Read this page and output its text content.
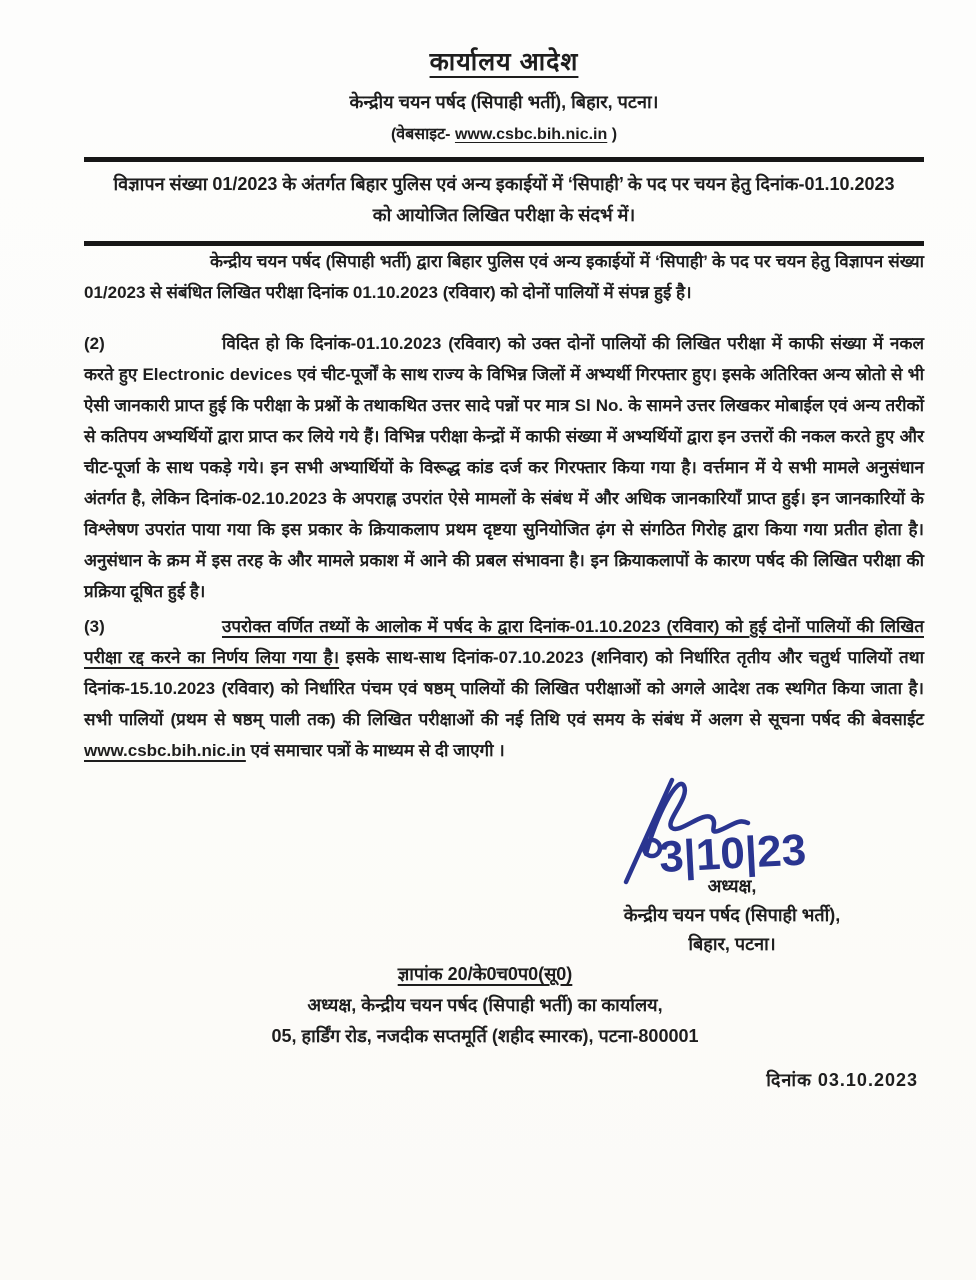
कार्यालय आदेश
केन्द्रीय चयन पर्षद (सिपाही भर्ती), बिहार, पटना।
(वेबसाइट- www.csbc.bih.nic.in )
विज्ञापन संख्या 01/2023 के अंतर्गत बिहार पुलिस एवं अन्य इकाईयों में ‘सिपाही’ के पद पर चयन हेतु दिनांक-01.10.2023 को आयोजित लिखित परीक्षा के संदर्भ में।

केन्द्रीय चयन पर्षद (सिपाही भर्ती) द्वारा बिहार पुलिस एवं अन्य इकाईयों में ‘सिपाही’ के पद पर चयन हेतु विज्ञापन संख्या 01/2023 से संबंधित लिखित परीक्षा दिनांक 01.10.2023 (रविवार) को दोनों पालियों में संपन्न हुई है।

(2)	विदित हो कि दिनांक-01.10.2023 (रविवार) को उक्त दोनों पालियों की लिखित परीक्षा में काफी संख्या में नकल करते हुए Electronic devices एवं चीट-पूर्जों के साथ राज्य के विभिन्न जिलों में अभ्यर्थी गिरफ्तार हुए। इसके अतिरिक्त अन्य स्रोतो से भी ऐसी जानकारी प्राप्त हुई कि परीक्षा के प्रश्नों के तथाकथित उत्तर सादे पन्नों पर मात्र Sl No. के सामने उत्तर लिखकर मोबाईल एवं अन्य तरीकों से कतिपय अभ्यर्थियों द्वारा प्राप्त कर लिये गये हैं। विभिन्न परीक्षा केन्द्रों में काफी संख्या में अभ्यर्थियों द्वारा इन उत्तरों की नकल करते हुए और चीट-पूर्जा के साथ पकड़े गये। इन सभी अभ्यार्थियों के विरूद्ध कांड दर्ज कर गिरफ्तार किया गया है। वर्त्तमान में ये सभी मामले अनुसंधान अंतर्गत है, लेकिन दिनांक-02.10.2023 के अपराह्न उपरांत ऐसे मामलों के संबंध में और अधिक जानकारियाँ प्राप्त हुई। इन जानकारियों के विश्लेषण उपरांत पाया गया कि इस प्रकार के क्रियाकलाप प्रथम दृष्टया सुनियोजित ढ़ंग से संगठित गिरोह द्वारा किया गया प्रतीत होता है। अनुसंधान के क्रम में इस तरह के और मामले प्रकाश में आने की प्रबल संभावना है। इन क्रियाकलापों के कारण पर्षद की लिखित परीक्षा की प्रक्रिया दूषित हुई है।

(3)	उपरोक्त वर्णित तथ्यों के आलोक में पर्षद के द्वारा दिनांक-01.10.2023 (रविवार) को हुई दोनों पालियों की लिखित परीक्षा रद्द करने का निर्णय लिया गया है। इसके साथ-साथ दिनांक-07.10.2023 (शनिवार) को निर्धारित तृतीय और चतुर्थ पालियों तथा दिनांक-15.10.2023 (रविवार) को निर्धारित पंचम एवं षष्ठम् पालियों की लिखित परीक्षाओं को अगले आदेश तक स्थगित किया जाता है। सभी पालियों (प्रथम से षष्ठम् पाली तक) की लिखित परीक्षाओं की नई तिथि एवं समय के संबंध में अलग से सूचना पर्षद की बेवसाईट www.csbc.bih.nic.in एवं समाचार पत्रों के माध्यम से दी जाएगी ।

3|10|23
अध्यक्ष,
केन्द्रीय चयन पर्षद (सिपाही भर्ती),
बिहार, पटना।
ज्ञापांक 20/के0च0प0(सू0)
अध्यक्ष, केन्द्रीय चयन पर्षद (सिपाही भर्ती) का कार्यालय,
05, हार्डिंग रोड, नजदीक सप्तमूर्ति (शहीद स्मारक), पटना-800001
दिनांक 03.10.2023
